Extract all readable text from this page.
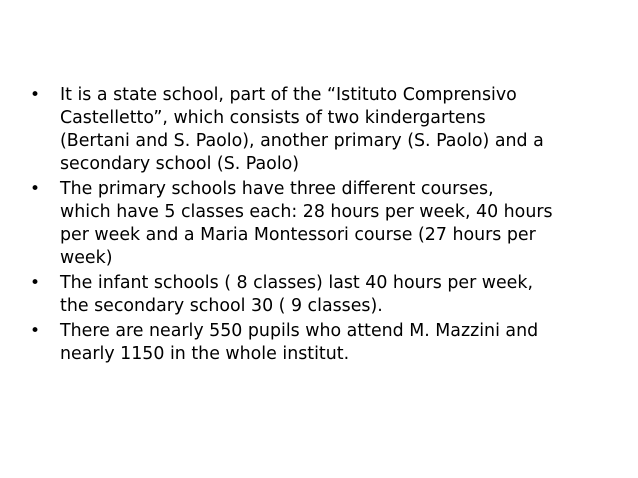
•	It is a state school, part of the “Istituto Comprensivo
Castelletto”, which consists of two kindergartens
(Bertani and S. Paolo), another primary (S. Paolo) and a
secondary school (S. Paolo)
•	The primary schools have three different courses,
which have 5 classes each: 28 hours per week, 40 hours
per week and a Maria Montessori course (27 hours per
week)
•	The infant schools ( 8 classes) last 40 hours per week,
the secondary school 30 ( 9 classes).
•	There are nearly 550 pupils who attend M. Mazzini and
nearly 1150 in the whole institut.
